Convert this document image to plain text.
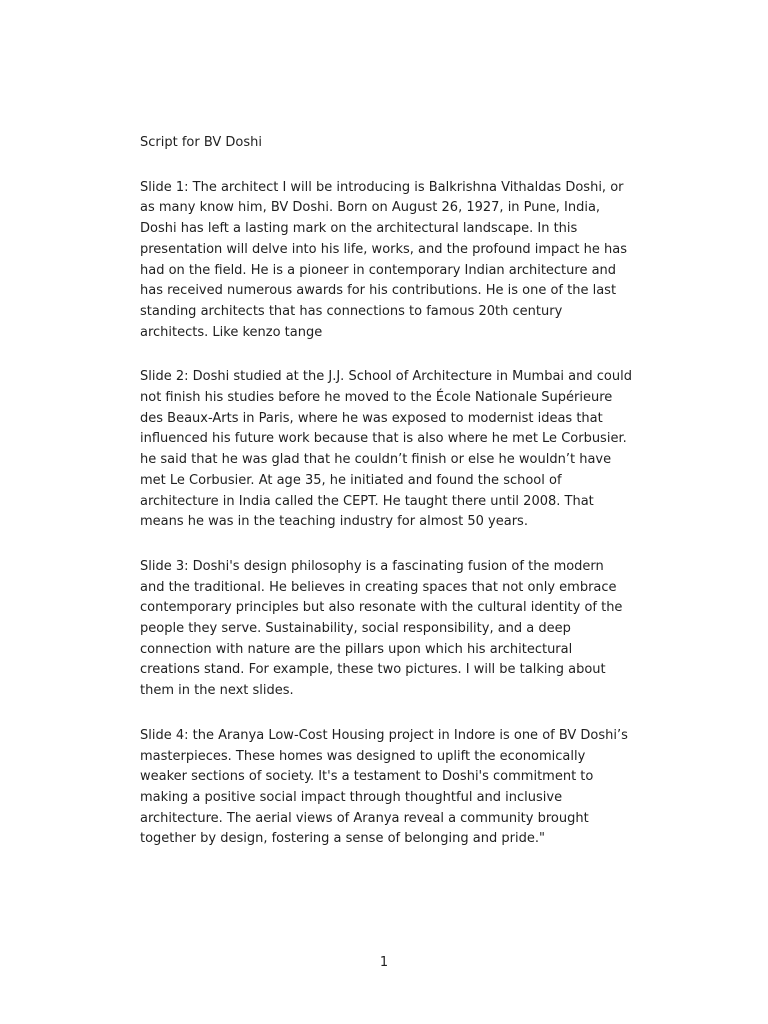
Script for BV Doshi

Slide 1: The architect I will be introducing is Balkrishna Vithaldas Doshi, or as many know him, BV Doshi. Born on August 26, 1927, in Pune, India, Doshi has left a lasting mark on the architectural landscape. In this presentation will delve into his life, works, and the profound impact he has had on the field. He is a pioneer in contemporary Indian architecture and has received numerous awards for his contributions. He is one of the last standing architects that has connections to famous 20th century architects. Like kenzo tange

Slide 2: Doshi studied at the J.J. School of Architecture in Mumbai and could not finish his studies before he moved to the École Nationale Supérieure des Beaux-Arts in Paris, where he was exposed to modernist ideas that influenced his future work because that is also where he met Le Corbusier. he said that he was glad that he couldn’t finish or else he wouldn’t have met Le Corbusier. At age 35, he initiated and found the school of architecture in India called the CEPT. He taught there until 2008. That means he was in the teaching industry for almost 50 years.

Slide 3: Doshi's design philosophy is a fascinating fusion of the modern and the traditional. He believes in creating spaces that not only embrace contemporary principles but also resonate with the cultural identity of the people they serve. Sustainability, social responsibility, and a deep connection with nature are the pillars upon which his architectural creations stand. For example, these two pictures. I will be talking about them in the next slides.

Slide 4: the Aranya Low-Cost Housing project in Indore is one of BV Doshi’s masterpieces. These homes was designed to uplift the economically weaker sections of society. It's a testament to Doshi's commitment to making a positive social impact through thoughtful and inclusive architecture. The aerial views of Aranya reveal a community brought together by design, fostering a sense of belonging and pride."

1
